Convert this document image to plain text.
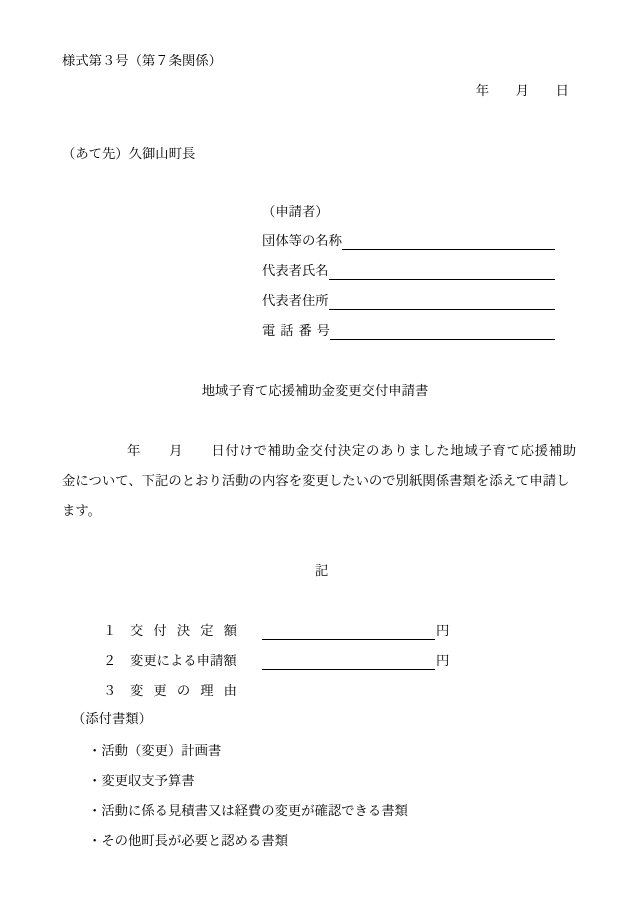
様式第３号（第７条関係）
年　　月　　日
（あて先）久御山町長
（申請者）
団体等の名称
代表者氏名
代表者住所
電 話 番 号
地域子育て応援補助金変更交付申請書
年　　月　　日付けで補助金交付決定のありました地域子育て応援補助
金について、下記のとおり活動の内容を変更したいので別紙関係書類を添えて申請し
ます。
記
１ 交 付 決 定 額	円
２ 変更による申請額	円
３ 変 更 の 理 由
（添付書類）
・活動（変更）計画書
・変更収支予算書
・活動に係る見積書又は経費の変更が確認できる書類
・その他町長が必要と認める書類
